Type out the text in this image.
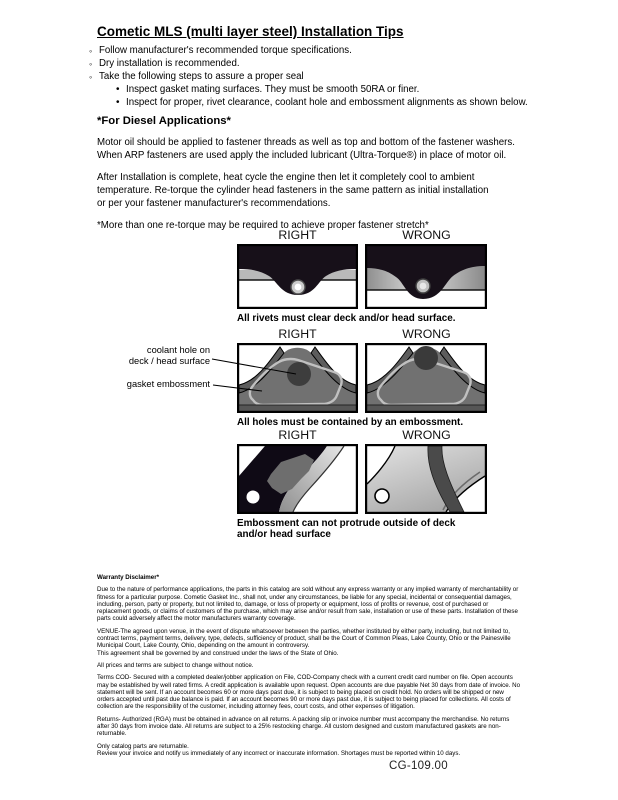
Cometic MLS (multi layer steel) Installation Tips
◦ Follow manufacturer's recommended torque specifications.
◦ Dry installation is recommended.
◦ Take the following steps to assure a proper seal
• Inspect gasket mating surfaces. They must be smooth 50RA or finer.
• Inspect for proper, rivet clearance, coolant hole and embossment alignments as shown below.
*For Diesel Applications*
Motor oil should be applied to fastener threads as well as top and bottom of the fastener washers.
When ARP fasteners are used apply the included lubricant (Ultra-Torque®) in place of motor oil.
After Installation is complete, heat cycle the engine then let it completely cool to ambient
temperature. Re-torque the cylinder head fasteners in the same pattern as initial installation
or per your fastener manufacturer's recommendations.
*More than one re-torque may be required to achieve proper fastener stretch*
RIGHT	WRONG
All rivets must clear deck and/or head surface.
RIGHT	WRONG
All holes must be contained by an embossment.
coolant hole on
deck / head surface
gasket embossment
RIGHT	WRONG
Embossment can not protrude outside of deck
and/or head surface

Warranty Disclaimer*

Due to the nature of performance applications, the parts in this catalog are sold without any express warranty or any implied warranty of merchantability or fitness for a particular purpose. Cometic Gasket Inc., shall not, under any circumstances, be liable for any special, incidental or consequential damages, including, person, party or property, but not limited to, damage, or loss of property or equipment, loss of profits or revenue, cost of purchased or replacement goods, or claims of customers of the purchase, which may arise and/or result from sale, installation or use of these parts. Installation of these parts could adversely affect the motor manufacturers warranty coverage.

VENUE-The agreed upon venue, in the event of dispute whatsoever between the parties, whether instituted by either party, including, but not limited to, contract terms, payment terms, delivery, type, defects, sufficiency of product, shall be the Court of Common Pleas, Lake County, Ohio or the Painesville Municipal Court, Lake County, Ohio, depending on the amount in controversy.

This agreement shall be governed by and construed under the laws of the State of Ohio.

All prices and terms are subject to change without notice.

Terms COD- Secured with a completed dealer/jobber application on File, COD-Company check with a current credit card number on file. Open accounts may be established by well rated firms. A credit application is available upon request. Open accounts are due payable Net 30 days from date of invoice. No statement will be sent. If an account becomes 60 or more days past due, it is subject to being placed on credit hold. No orders will be shipped or new orders accepted until past due balance is paid. If an account becomes 90 or more days past due, it is subject to being placed for collections. All costs of collection are the responsibility of the customer, including attorney fees, court costs, and other expenses of litigation.

Returns- Authorized (RGA) must be obtained in advance on all returns. A packing slip or invoice number must accompany the merchandise. No returns after 30 days from invoice date. All returns are subject to a 25% restocking charge. All custom designed and custom manufactured gaskets are non-returnable.

Only catalog parts are returnable.

Review your invoice and notify us immediately of any incorrect or inaccurate information. Shortages must be reported within 10 days.

CG-109.00
